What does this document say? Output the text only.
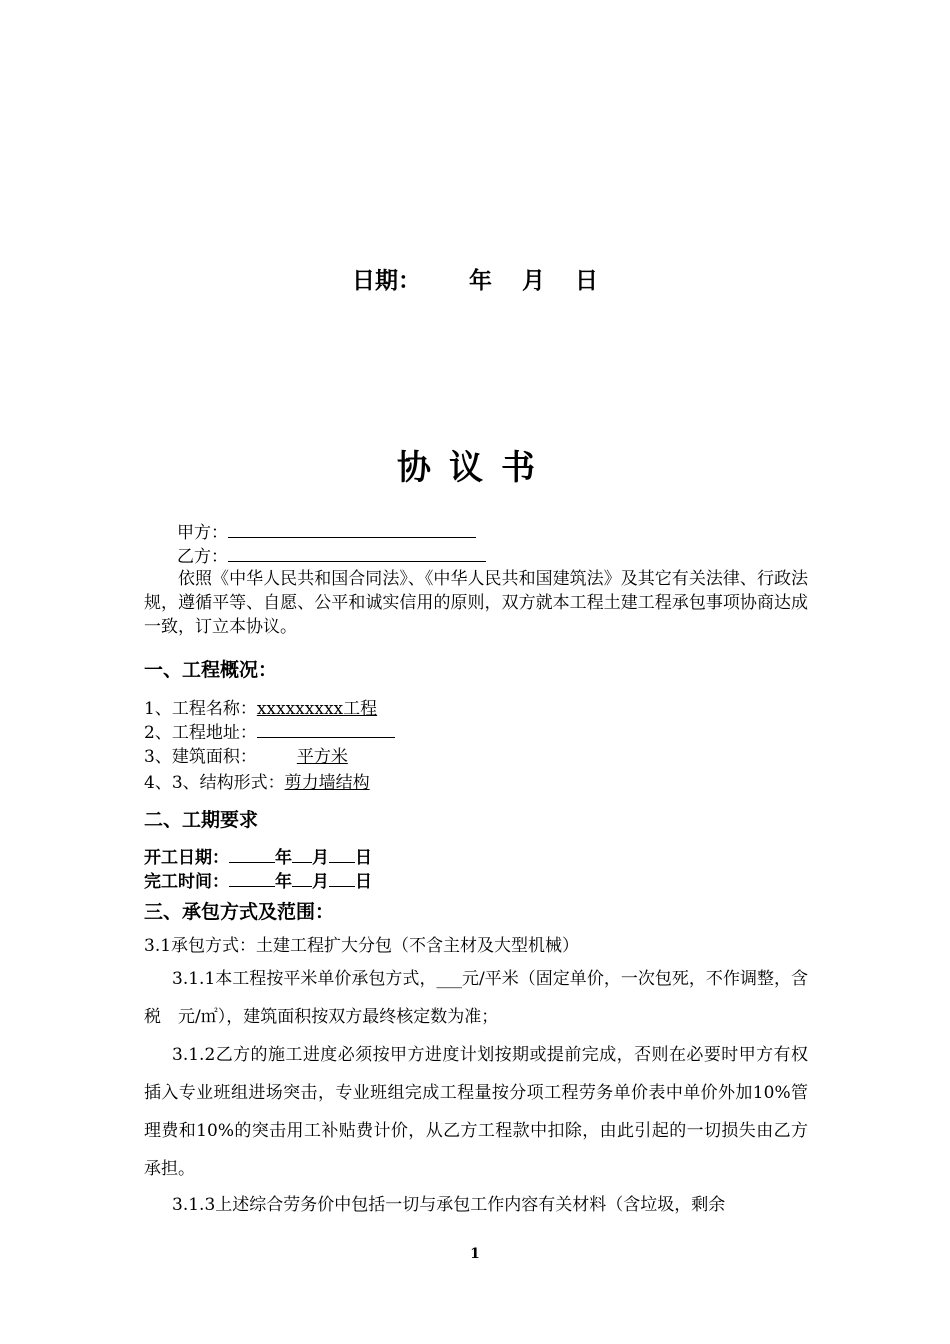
日期： 年 月 日
协议书
甲方：
乙方：
依照《中华人民共和国合同法》、《中华人民共和国建筑法》及其它有关法律、行政法规，遵循平等、自愿、公平和诚实信用的原则，双方就本工程土建工程承包事项协商达成一致，订立本协议。
一、工程概况：
1、工程名称：xxxxxxxxx工程
2、工程地址：
3、建筑面积： 平方米
4、3、结构形式：剪力墙结构
二、工期要求
开工日期：	年 月 日
完工时间：	年 月 日
三、承包方式及范围：
3.1承包方式：土建工程扩大分包（不含主材及大型机械）
3.1.1本工程按平米单价承包方式，___元/平米（固定单价，一次包死，不作调整，含税　元/㎡），建筑面积按双方最终核定数为准；
3.1.2乙方的施工进度必须按甲方进度计划按期或提前完成，否则在必要时甲方有权插入专业班组进场突击，专业班组完成工程量按分项工程劳务单价表中单价外加10%管理费和10%的突击用工补贴费计价，从乙方工程款中扣除，由此引起的一切损失由乙方承担。
3.1.3上述综合劳务价中包括一切与承包工作内容有关材料（含垃圾，剩余
1
